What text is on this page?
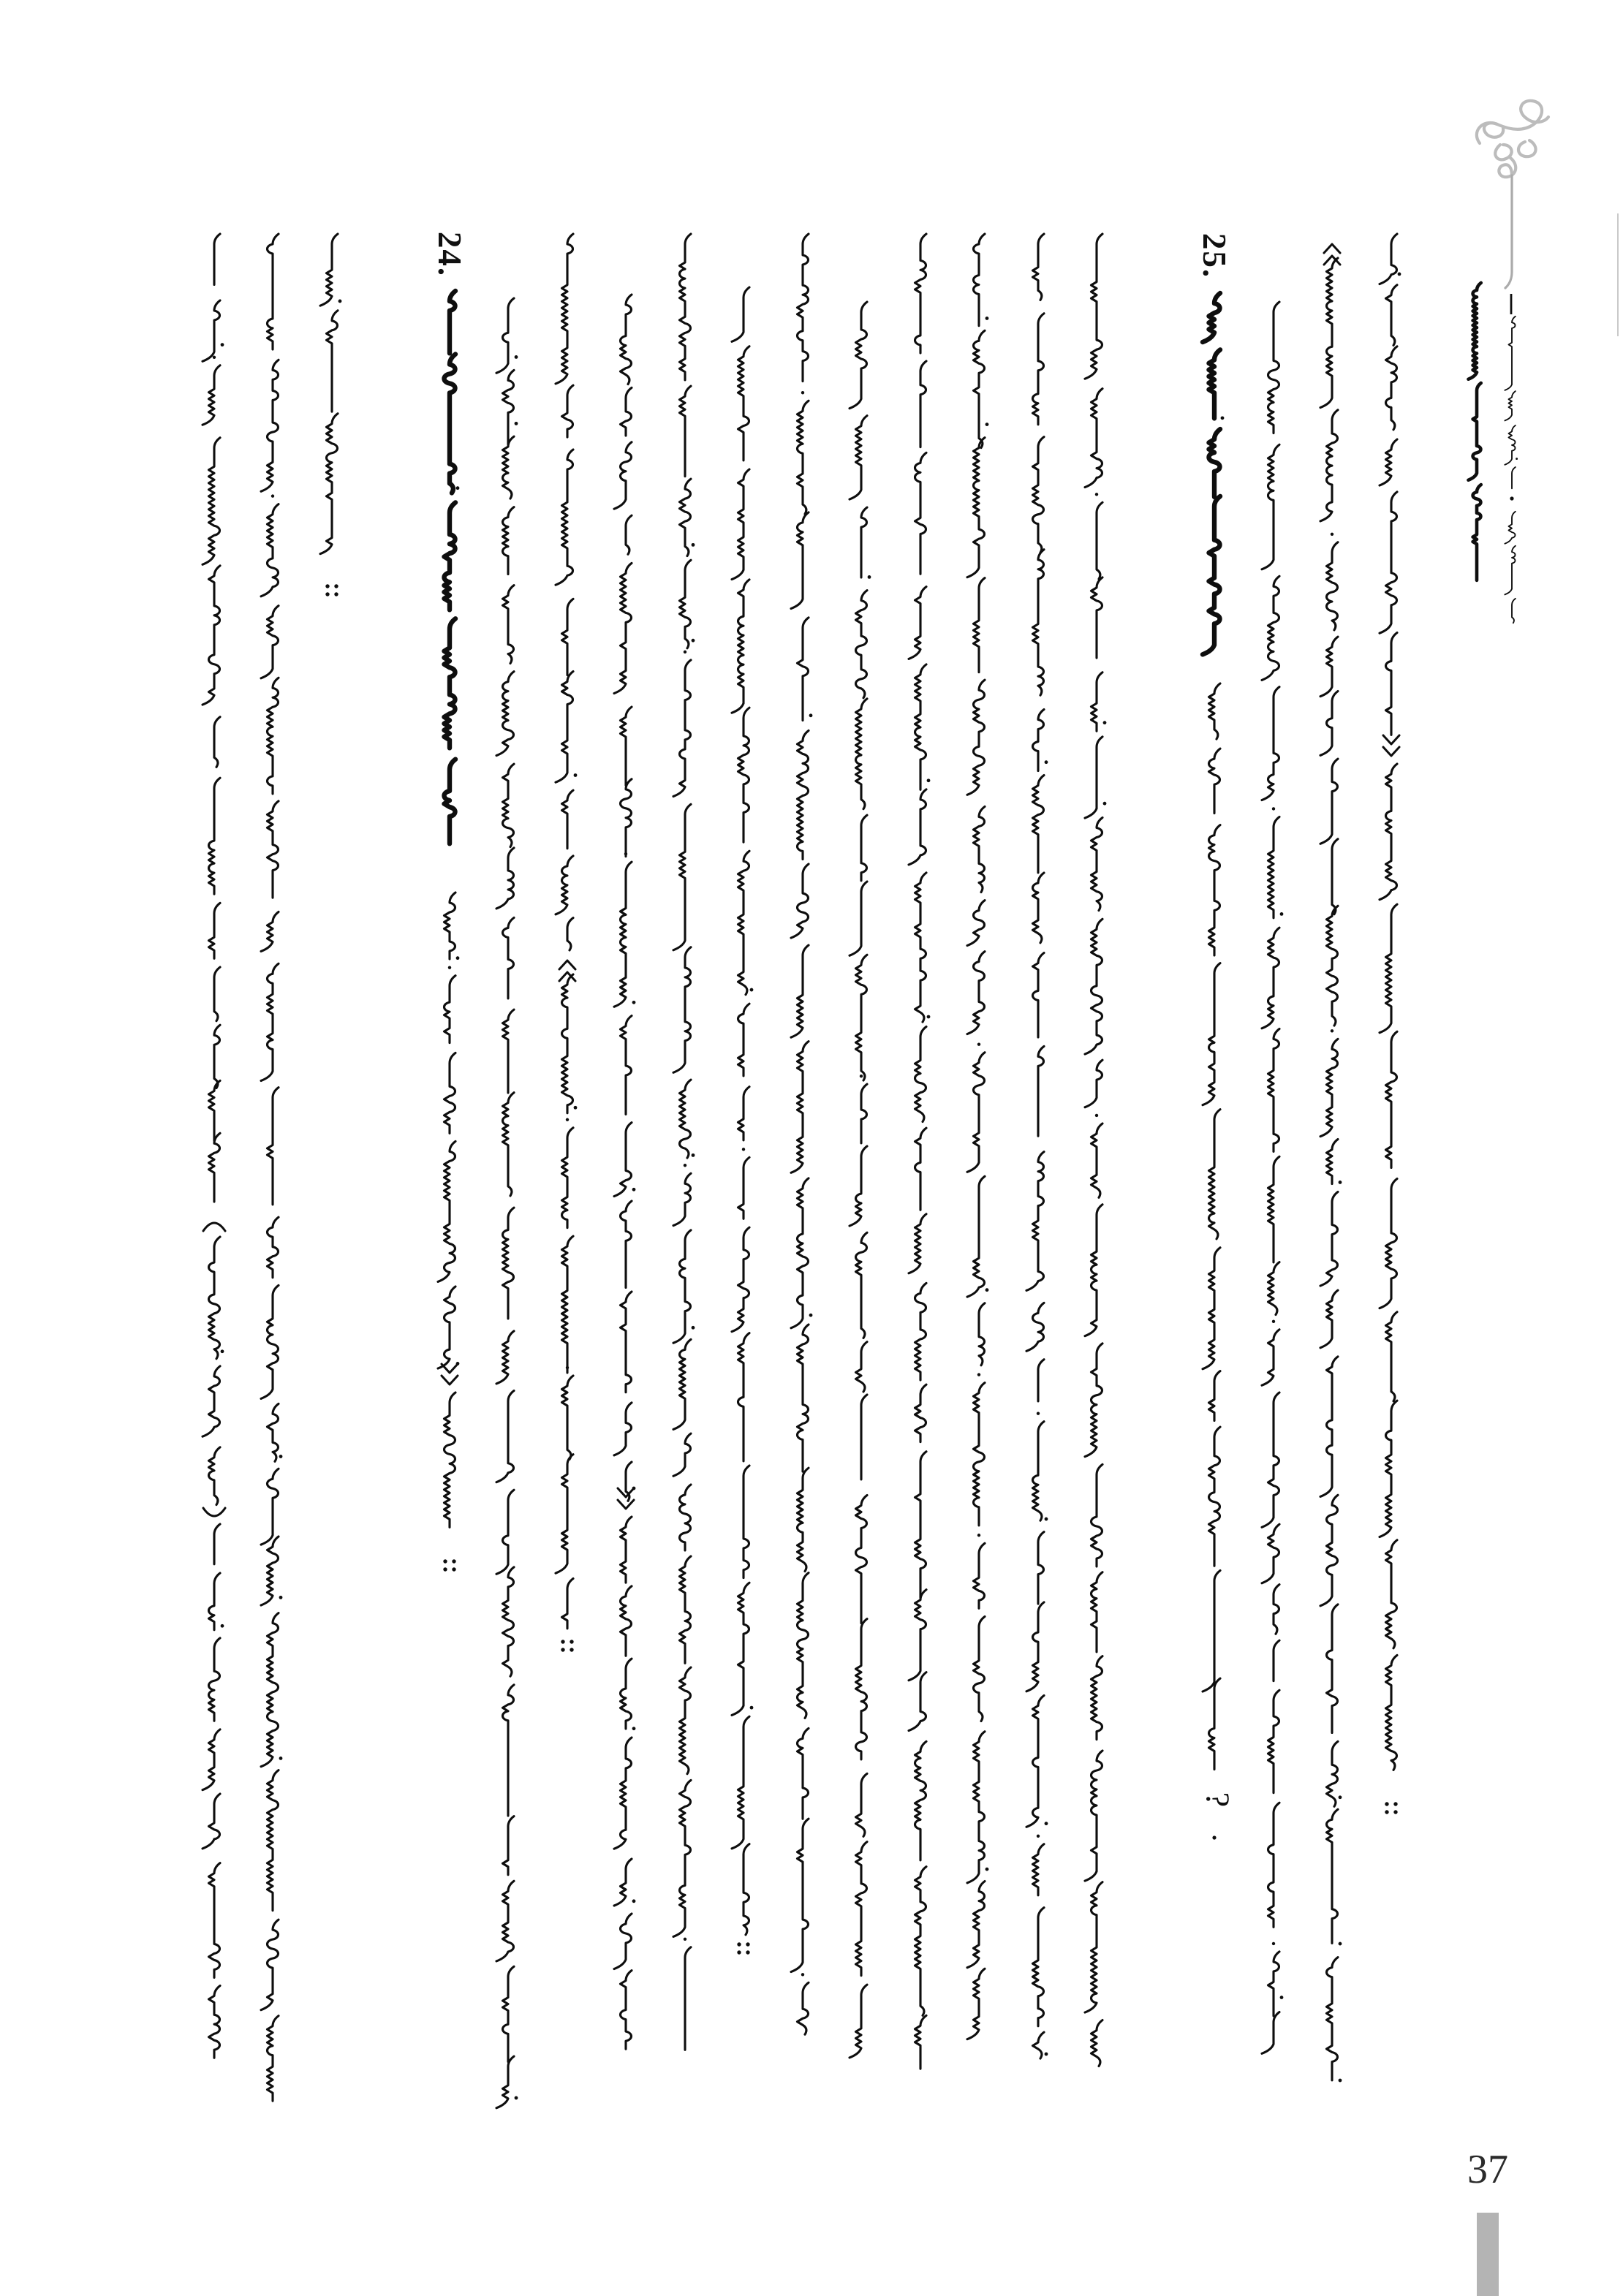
?
37
24.	25.
